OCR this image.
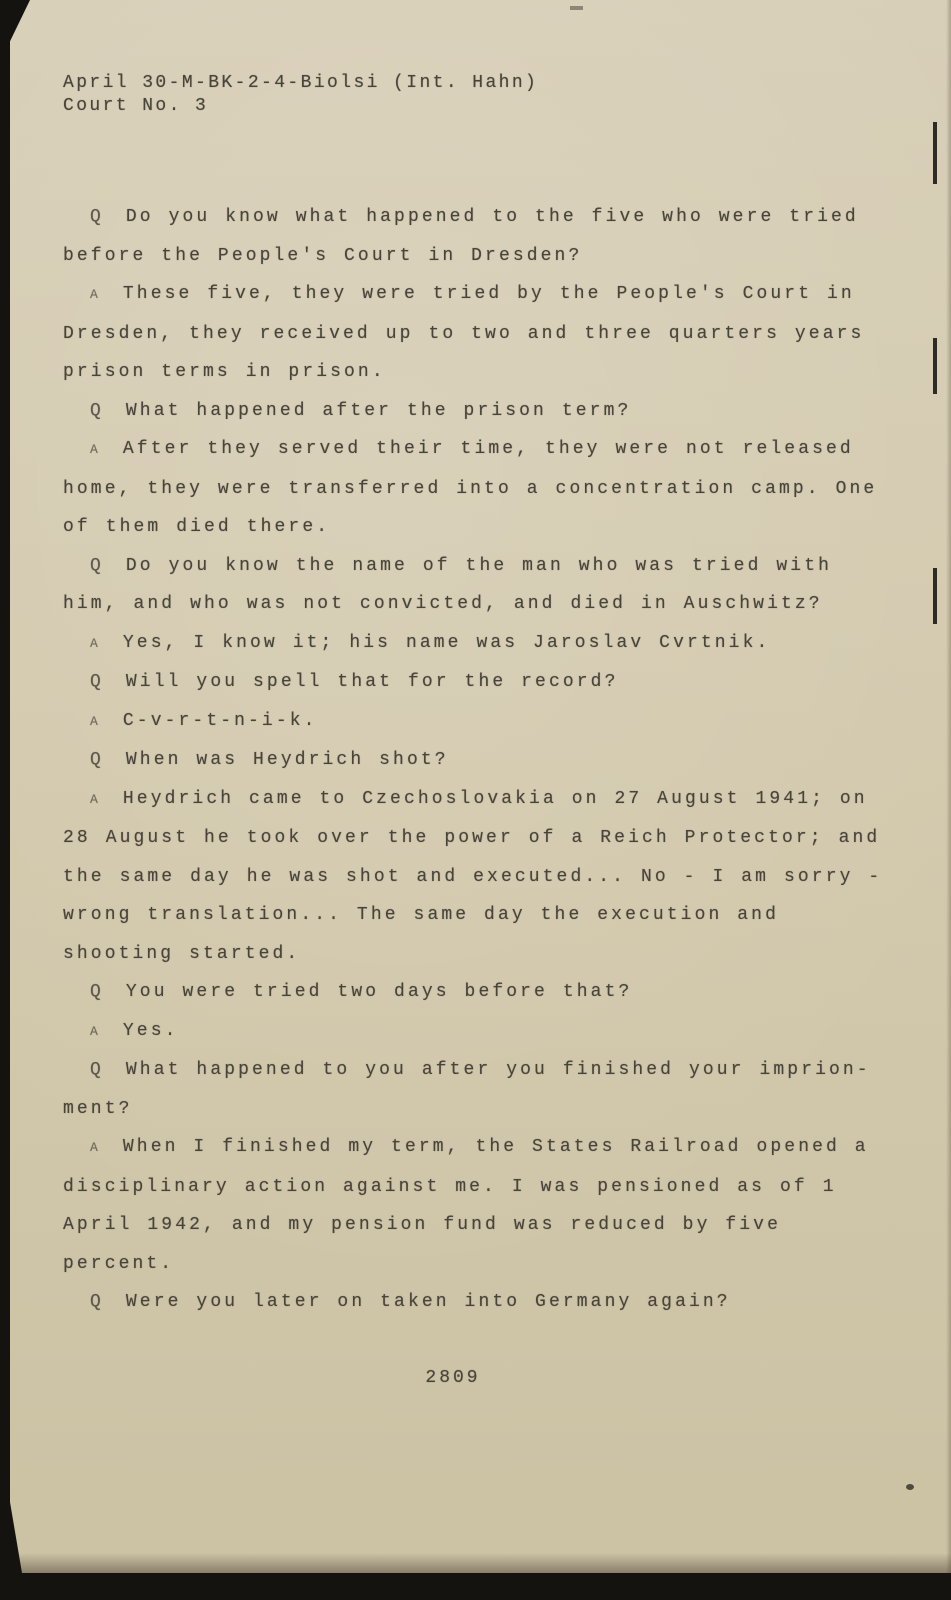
April 30-M-BK-2-4-Biolsi (Int. Hahn)
Court No. 3

Q Do you know what happened to the five who were tried before the People's Court in Dresden?

A These five, they were tried by the People's Court in Dresden, they received up to two and three quarters years prison terms in prison.

Q What happened after the prison term?

A After they served their time, they were not released home, they were transferred into a concentration camp. One of them died there.

Q Do you know the name of the man who was tried with him, and who was not convicted, and died in Auschwitz?

A Yes, I know it; his name was Jaroslav Cvrtnik.

Q Will you spell that for the record?

A C-v-r-t-n-i-k.

Q When was Heydrich shot?

A Heydrich came to Czechoslovakia on 27 August 1941; on 28 August he took over the power of a Reich Protector; and the same day he was shot and executed... No - I am sorry - wrong translation... The same day the execution and shooting started.

Q You were tried two days before that?

A Yes.

Q What happened to you after you finished your imprion-ment?

A When I finished my term, the States Railroad opened a disciplinary action against me. I was pensioned as of 1 April 1942, and my pension fund was reduced by five percent.

Q Were you later on taken into Germany again?

2809
